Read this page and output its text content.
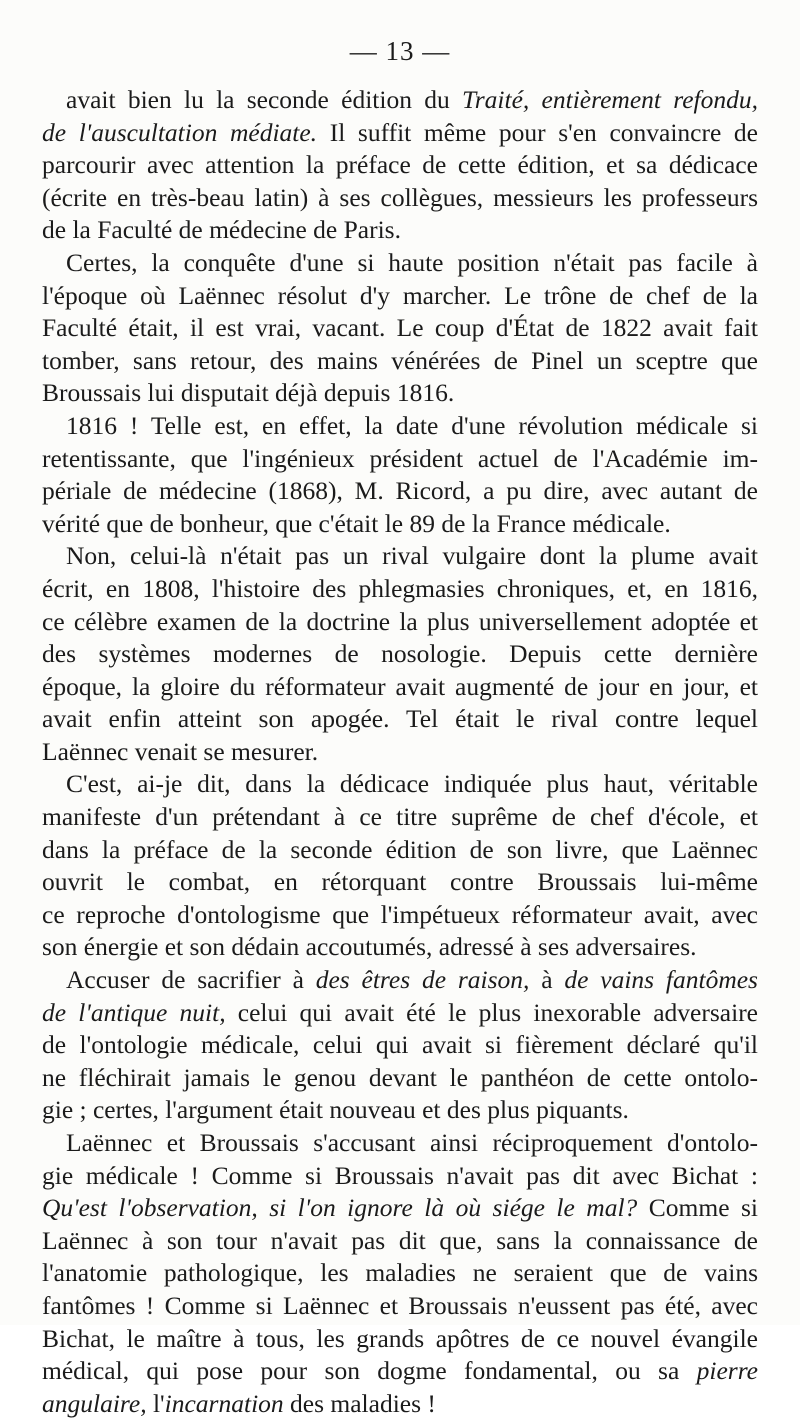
— 13 —
avait bien lu la seconde édition du Traité, entièrement refondu,
de l'auscultation médiate. Il suffit même pour s'en convaincre de
parcourir avec attention la préface de cette édition, et sa dédicace
(écrite en très-beau latin) à ses collègues, messieurs les professeurs
de la Faculté de médecine de Paris.
Certes, la conquête d'une si haute position n'était pas facile à
l'époque où Laënnec résolut d'y marcher. Le trône de chef de la
Faculté était, il est vrai, vacant. Le coup d'État de 1822 avait fait
tomber, sans retour, des mains vénérées de Pinel un sceptre que
Broussais lui disputait déjà depuis 1816.
1816 ! Telle est, en effet, la date d'une révolution médicale si
retentissante, que l'ingénieux président actuel de l'Académie im-
périale de médecine (1868), M. Ricord, a pu dire, avec autant de
vérité que de bonheur, que c'était le 89 de la France médicale.
Non, celui-là n'était pas un rival vulgaire dont la plume avait
écrit, en 1808, l'histoire des phlegmasies chroniques, et, en 1816,
ce célèbre examen de la doctrine la plus universellement adoptée et
des systèmes modernes de nosologie. Depuis cette dernière
époque, la gloire du réformateur avait augmenté de jour en jour, et
avait enfin atteint son apogée. Tel était le rival contre lequel
Laënnec venait se mesurer.
C'est, ai-je dit, dans la dédicace indiquée plus haut, véritable
manifeste d'un prétendant à ce titre suprême de chef d'école, et
dans la préface de la seconde édition de son livre, que Laënnec
ouvrit le combat, en rétorquant contre Broussais lui-même
ce reproche d'ontologisme que l'impétueux réformateur avait, avec
son énergie et son dédain accoutumés, adressé à ses adversaires.
Accuser de sacrifier à des êtres de raison, à de vains fantômes
de l'antique nuit, celui qui avait été le plus inexorable adversaire
de l'ontologie médicale, celui qui avait si fièrement déclaré qu'il
ne fléchirait jamais le genou devant le panthéon de cette ontolo-
gie ; certes, l'argument était nouveau et des plus piquants.
Laënnec et Broussais s'accusant ainsi réciproquement d'ontolo-
gie médicale ! Comme si Broussais n'avait pas dit avec Bichat :
Qu'est l'observation, si l'on ignore là où siége le mal? Comme si
Laënnec à son tour n'avait pas dit que, sans la connaissance de
l'anatomie pathologique, les maladies ne seraient que de vains
fantômes ! Comme si Laënnec et Broussais n'eussent pas été, avec
Bichat, le maître à tous, les grands apôtres de ce nouvel évangile
médical, qui pose pour son dogme fondamental, ou sa pierre
angulaire, l'incarnation des maladies !
